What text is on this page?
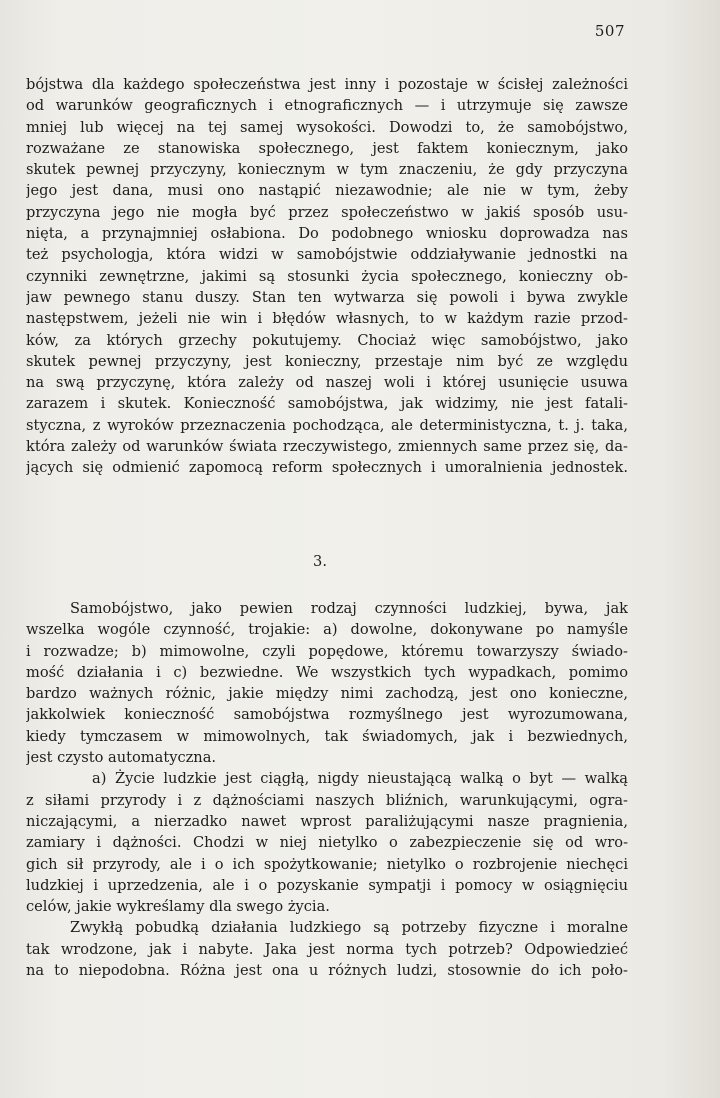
507
bójstwa dla każdego społeczeństwa jest inny i pozostaje w ścisłej zależności
od warunków geograficznych i etnograficznych — i utrzymuje się zawsze
mniej lub więcej na tej samej wysokości. Dowodzi to, że samobójstwo,
rozważane ze stanowiska społecznego, jest faktem koniecznym, jako
skutek pewnej przyczyny, koniecznym w tym znaczeniu, że gdy przyczyna
jego jest dana, musi ono nastąpić niezawodnie; ale nie w tym, żeby
przyczyna jego nie mogła być przez społeczeństwo w jakiś sposób usu-
nięta, a przynajmniej osłabiona. Do podobnego wniosku doprowadza nas
też psychologja, która widzi w samobójstwie oddziaływanie jednostki na
czynniki zewnętrzne, jakimi są stosunki życia społecznego, konieczny ob-
jaw pewnego stanu duszy. Stan ten wytwarza się powoli i bywa zwykle
następstwem, jeżeli nie win i błędów własnych, to w każdym razie przod-
ków, za których grzechy pokutujemy. Chociaż więc samobójstwo, jako
skutek pewnej przyczyny, jest konieczny, przestaje nim być ze względu
na swą przyczynę, która zależy od naszej woli i której usunięcie usuwa
zarazem i skutek. Konieczność samobójstwa, jak widzimy, nie jest fatali-
styczna, z wyroków przeznaczenia pochodząca, ale deterministyczna, t. j. taka,
która zależy od warunków świata rzeczywistego, zmiennych same przez się, da-
jących się odmienić zapomocą reform społecznych i umoralnienia jednostek.
3.
Samobójstwo, jako pewien rodzaj czynności ludzkiej, bywa, jak
wszelka wogóle czynność, trojakie: a) dowolne, dokonywane po namyśle
i rozwadze; b) mimowolne, czyli popędowe, któremu towarzyszy świado-
mość działania i c) bezwiedne. We wszystkich tych wypadkach, pomimo
bardzo ważnych różnic, jakie między nimi zachodzą, jest ono konieczne,
jakkolwiek konieczność samobójstwa rozmyślnego jest wyrozumowana,
kiedy tymczasem w mimowolnych, tak świadomych, jak i bezwiednych,
jest czysto automatyczna.
a) Życie ludzkie jest ciągłą, nigdy nieustającą walką o byt — walką
z siłami przyrody i z dążnościami naszych bliźnich, warunkującymi, ogra-
niczającymi, a nierzadko nawet wprost paraliżującymi nasze pragnienia,
zamiary i dążności. Chodzi w niej nietylko o zabezpieczenie się od wro-
gich sił przyrody, ale i o ich spożytkowanie; nietylko o rozbrojenie niechęci
ludzkiej i uprzedzenia, ale i o pozyskanie sympatji i pomocy w osiągnięciu
celów, jakie wykreślamy dla swego życia.
Zwykłą pobudką działania ludzkiego są potrzeby fizyczne i moralne
tak wrodzone, jak i nabyte. Jaka jest norma tych potrzeb? Odpowiedzieć
na to niepodobna. Różna jest ona u różnych ludzi, stosownie do ich poło-
